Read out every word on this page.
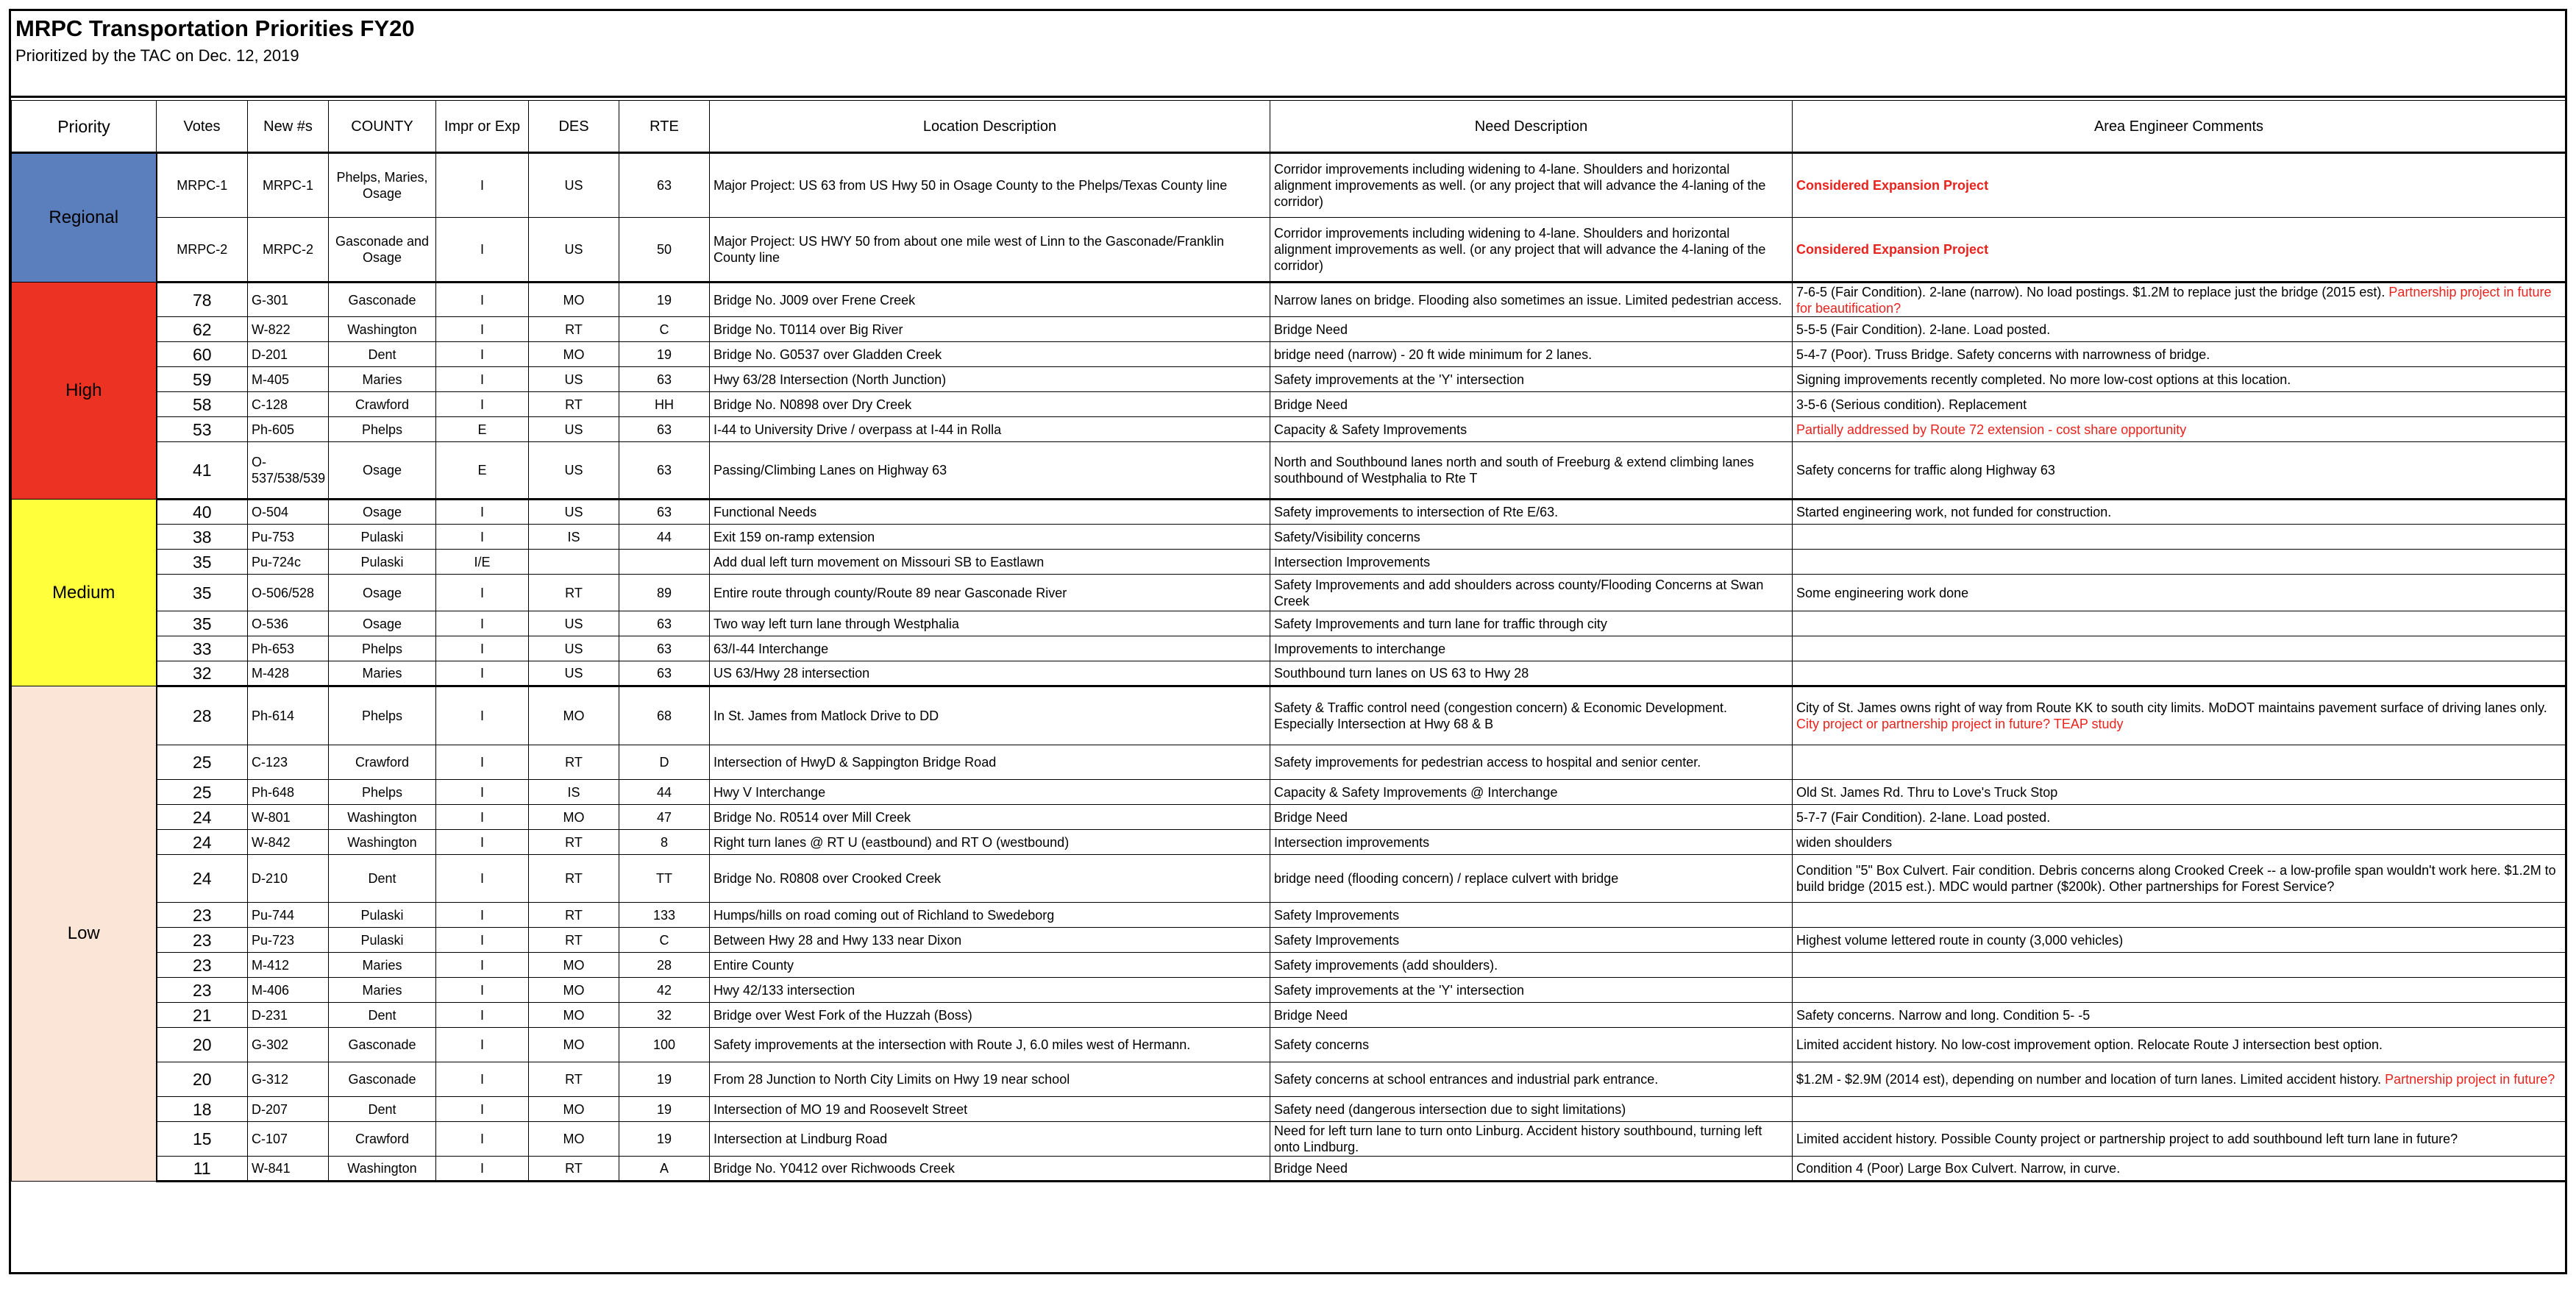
MRPC Transportation Priorities FY20
Prioritized by the TAC on Dec. 12, 2019
Priority	Votes	New #s	COUNTY	Impr or Exp	DES	RTE	Location Description	Need Description	Area Engineer Comments
Regional	MRPC-1	MRPC-1	Phelps, Maries, Osage	I	US	63	Major Project: US 63 from US Hwy 50 in Osage County to the Phelps/Texas County line	Corridor improvements including widening to 4-lane. Shoulders and horizontal alignment improvements as well. (or any project that will advance the 4-laning of the corridor)	Considered Expansion Project
	MRPC-2	MRPC-2	Gasconade and Osage	I	US	50	Major Project: US HWY 50 from about one mile west of Linn to the Gasconade/Franklin County line	Corridor improvements including widening to 4-lane. Shoulders and horizontal alignment improvements as well. (or any project that will advance the 4-laning of the corridor)	Considered Expansion Project
High	78	G-301	Gasconade	I	MO	19	Bridge No. J009 over Frene Creek	Narrow lanes on bridge. Flooding also sometimes an issue. Limited pedestrian access.	7-6-5 (Fair Condition). 2-lane (narrow). No load postings. $1.2M to replace just the bridge (2015 est). Partnership project in future for beautification?
	62	W-822	Washington	I	RT	C	Bridge No. T0114 over Big River	Bridge Need	5-5-5 (Fair Condition). 2-lane. Load posted.
	60	D-201	Dent	I	MO	19	Bridge No. G0537 over Gladden Creek	bridge need (narrow) - 20 ft wide minimum for 2 lanes.	5-4-7 (Poor). Truss Bridge. Safety concerns with narrowness of bridge.
	59	M-405	Maries	I	US	63	Hwy 63/28 Intersection (North Junction)	Safety improvements at the 'Y' intersection	Signing improvements recently completed. No more low-cost options at this location.
	58	C-128	Crawford	I	RT	HH	Bridge No. N0898 over Dry Creek	Bridge Need	3-5-6 (Serious condition). Replacement
	53	Ph-605	Phelps	E	US	63	I-44 to University Drive / overpass at I-44 in Rolla	Capacity & Safety Improvements	Partially addressed by Route 72 extension - cost share opportunity
	41	O-537/538/539	Osage	E	US	63	Passing/Climbing Lanes on Highway 63	North and Southbound lanes north and south of Freeburg & extend climbing lanes southbound of Westphalia to Rte T	Safety concerns for traffic along Highway 63
Medium	40	O-504	Osage	I	US	63	Functional Needs	Safety improvements to intersection of Rte E/63.	Started engineering work, not funded for construction.
	38	Pu-753	Pulaski	I	IS	44	Exit 159 on-ramp extension	Safety/Visibility concerns	
	35	Pu-724c	Pulaski	I/E			Add dual left turn movement on Missouri SB to Eastlawn	Intersection Improvements	
	35	O-506/528	Osage	I	RT	89	Entire route through county/Route 89 near Gasconade River	Safety Improvements and add shoulders across county/Flooding Concerns at Swan Creek	Some engineering work done
	35	O-536	Osage	I	US	63	Two way left turn lane through Westphalia	Safety Improvements and turn lane for traffic through city	
	33	Ph-653	Phelps	I	US	63	63/I-44 Interchange	Improvements to interchange	
	32	M-428	Maries	I	US	63	US 63/Hwy 28 intersection	Southbound turn lanes on US 63 to Hwy 28	
Low	28	Ph-614	Phelps	I	MO	68	In St. James from Matlock Drive to DD	Safety & Traffic control need (congestion concern) & Economic Development. Especially Intersection at Hwy 68 & B	City of St. James owns right of way from Route KK to south city limits. MoDOT maintains pavement surface of driving lanes only. City project or partnership project in future? TEAP study
	25	C-123	Crawford	I	RT	D	Intersection of HwyD & Sappington Bridge Road	Safety improvements for pedestrian access to hospital and senior center.	
	25	Ph-648	Phelps	I	IS	44	Hwy V Interchange	Capacity & Safety Improvements @ Interchange	Old St. James Rd. Thru to Love's Truck Stop
	24	W-801	Washington	I	MO	47	Bridge No. R0514 over Mill Creek	Bridge Need	5-7-7 (Fair Condition). 2-lane. Load posted.
	24	W-842	Washington	I	RT	8	Right turn lanes @ RT U (eastbound) and RT O (westbound)	Intersection improvements	widen shoulders
	24	D-210	Dent	I	RT	TT	Bridge No. R0808 over Crooked Creek	bridge need (flooding concern) / replace culvert with bridge	Condition "5" Box Culvert. Fair condition. Debris concerns along Crooked Creek -- a low-profile span wouldn't work here. $1.2M to build bridge (2015 est.). MDC would partner ($200k). Other partnerships for Forest Service?
	23	Pu-744	Pulaski	I	RT	133	Humps/hills on road coming out of Richland to Swedeborg	Safety Improvements	
	23	Pu-723	Pulaski	I	RT	C	Between Hwy 28 and Hwy 133 near Dixon	Safety Improvements	Highest volume lettered route in county (3,000 vehicles)
	23	M-412	Maries	I	MO	28	Entire County	Safety improvements (add shoulders).	
	23	M-406	Maries	I	MO	42	Hwy 42/133 intersection	Safety improvements at the 'Y' intersection	
	21	D-231	Dent	I	MO	32	Bridge over West Fork of the Huzzah (Boss)	Bridge Need	Safety concerns. Narrow and long. Condition 5- -5
	20	G-302	Gasconade	I	MO	100	Safety improvements at the intersection with Route J, 6.0 miles west of Hermann.	Safety concerns	Limited accident history. No low-cost improvement option. Relocate Route J intersection best option.
	20	G-312	Gasconade	I	RT	19	From 28 Junction to North City Limits on Hwy 19 near school	Safety concerns at school entrances and industrial park entrance.	$1.2M - $2.9M (2014 est), depending on number and location of turn lanes. Limited accident history. Partnership project in future?
	18	D-207	Dent	I	MO	19	Intersection of MO 19 and Roosevelt Street	Safety need (dangerous intersection due to sight limitations)	
	15	C-107	Crawford	I	MO	19	Intersection at Lindburg Road	Need for left turn lane to turn onto Linburg. Accident history southbound, turning left onto Lindburg.	Limited accident history. Possible County project or partnership project to add southbound left turn lane in future?
	11	W-841	Washington	I	RT	A	Bridge No. Y0412 over Richwoods Creek	Bridge Need	Condition 4 (Poor) Large Box Culvert. Narrow, in curve.
